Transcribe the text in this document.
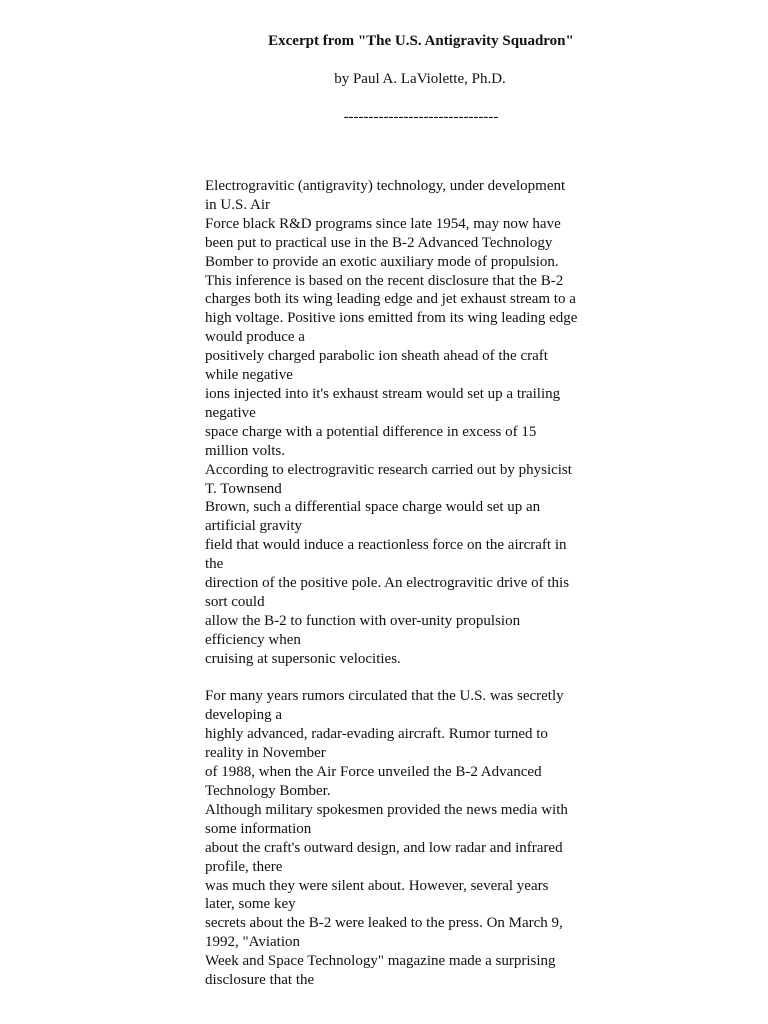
Excerpt from "The U.S. Antigravity Squadron"
by Paul A. LaViolette, Ph.D.
-------------------------------
Electrogravitic (antigravity) technology, under development
in U.S. Air
Force black R&D programs since late 1954, may now have
been put to practical use in the B-2 Advanced Technology
Bomber to provide an exotic auxiliary mode of propulsion.
This inference is based on the recent disclosure that the B-2
charges both its wing leading edge and jet exhaust stream to a
high voltage. Positive ions emitted from its wing leading edge
would produce a
positively charged parabolic ion sheath ahead of the craft
while negative
ions injected into it's exhaust stream would set up a trailing
negative
space charge with a potential difference in excess of 15
million volts.
According to electrogravitic research carried out by physicist
T. Townsend
Brown, such a differential space charge would set up an
artificial gravity
field that would induce a reactionless force on the aircraft in
the
direction of the positive pole. An electrogravitic drive of this
sort could
allow the B-2 to function with over-unity propulsion
efficiency when
cruising at supersonic velocities.
For many years rumors circulated that the U.S. was secretly
developing a
highly advanced, radar-evading aircraft. Rumor turned to
reality in November
of 1988, when the Air Force unveiled the B-2 Advanced
Technology Bomber.
Although military spokesmen provided the news media with
some information
about the craft's outward design, and low radar and infrared
profile, there
was much they were silent about. However, several years
later, some key
secrets about the B-2 were leaked to the press. On March 9,
1992, "Aviation
Week and Space Technology" magazine made a surprising
disclosure that the
